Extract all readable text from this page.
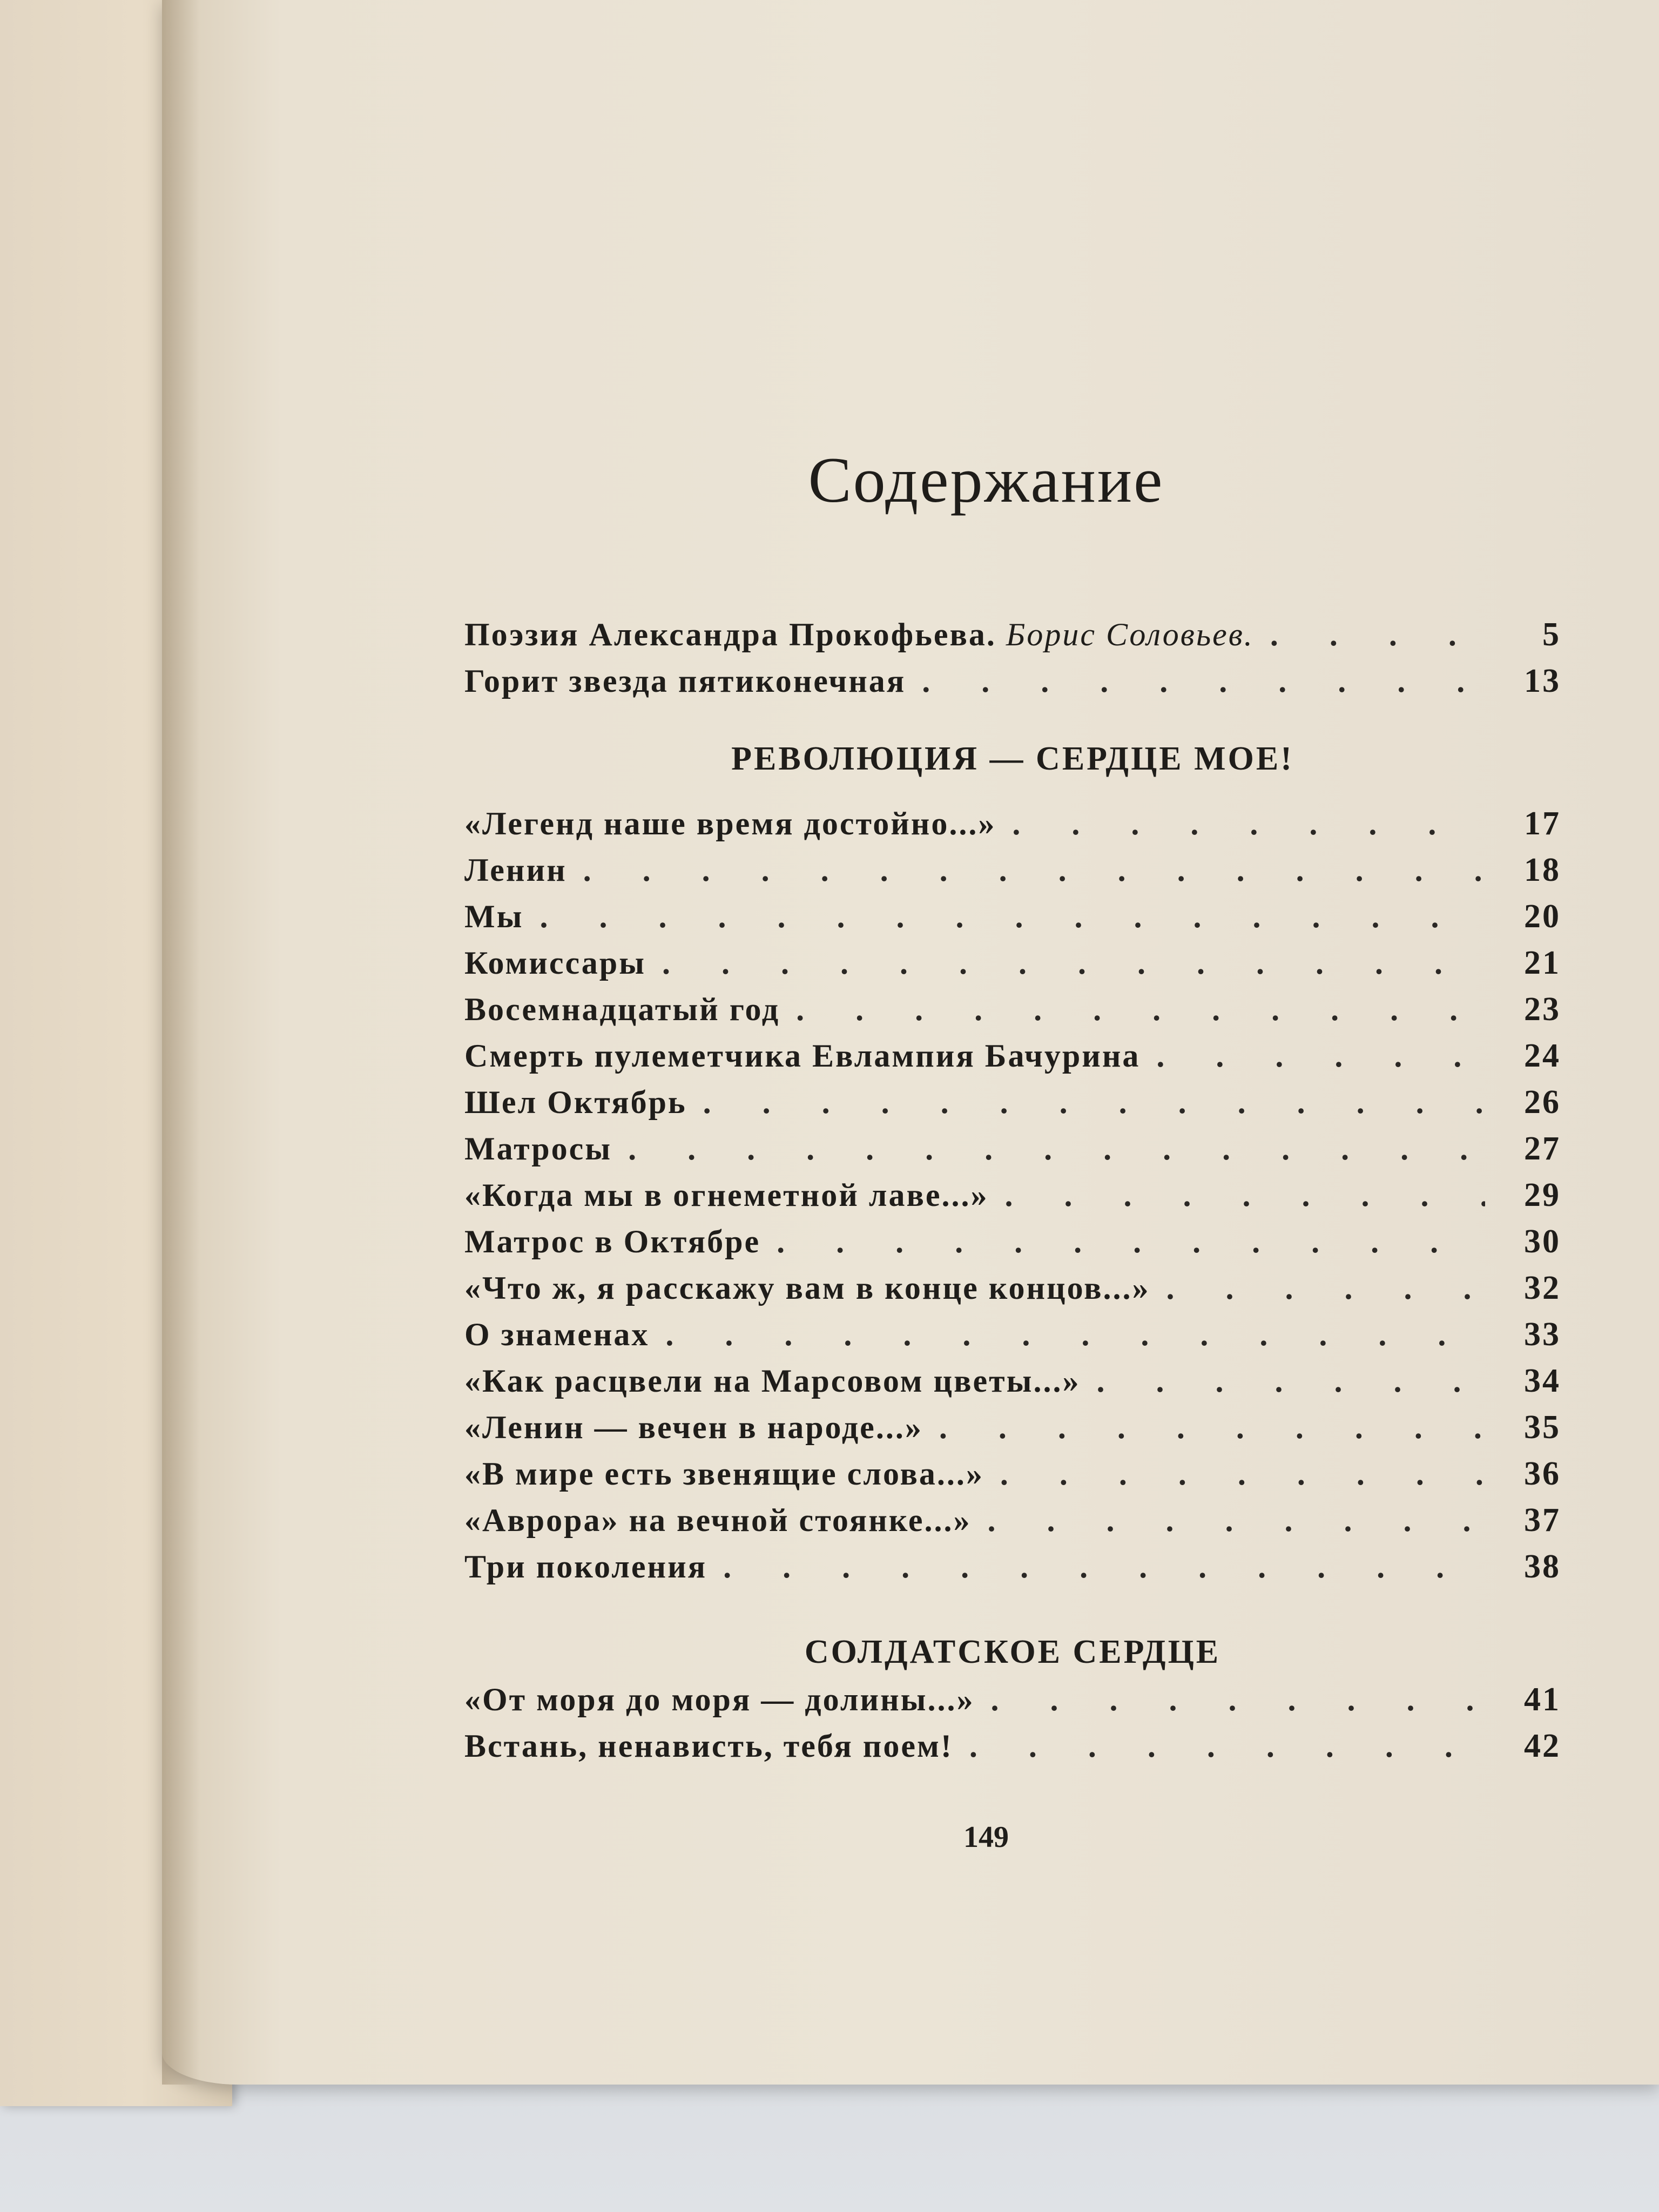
Содержание
Поэзия Александра Прокофьева. Борис Соловьев. . . .	5
Горит звезда пятиконечная . . .	13
РЕВОЛЮЦИЯ — СЕРДЦЕ МОЕ!
«Легенд наше время достойно...» . . .	17
Ленин . . .	18
Мы . . .	20
Комиссары . . .	21
Восемнадцатый год . . .	23
Смерть пулеметчика Евлампия Бачурина . . .	24
Шел Октябрь . . .	26
Матросы . . .	27
«Когда мы в огнеметной лаве...» . . .	29
Матрос в Октябре . . .	30
«Что ж, я расскажу вам в конце концов...» . . .	32
О знаменах . . .	33
«Как расцвели на Марсовом цветы...» . . .	34
«Ленин — вечен в народе...» . . .	35
«В мире есть звенящие слова...» . . .	36
«Аврора» на вечной стоянке...» . . .	37
Три поколения . . .	38
СОЛДАТСКОЕ СЕРДЦЕ
«От моря до моря — долины...» . . .	41
Встань, ненависть, тебя поем! . . .	42
149
